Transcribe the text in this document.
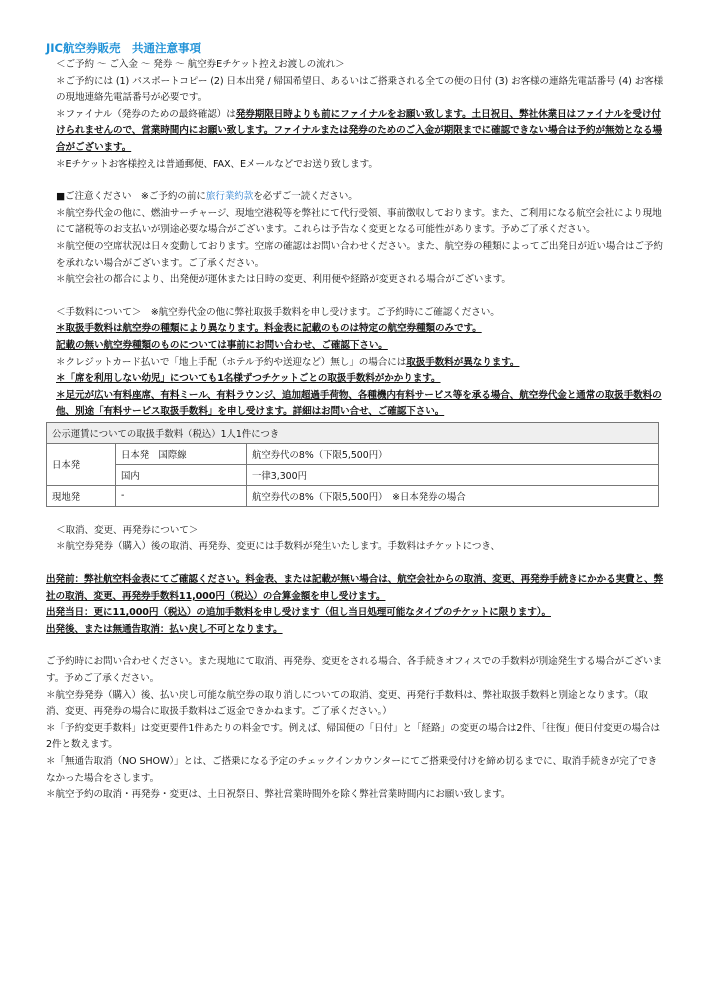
JIC航空券販売　共通注意事項

＜ご予約 ～ ご入金 ～ 発券 ～ 航空券Eチケット控えお渡しの流れ＞

＊ご予約には (1) パスポートコピー (2) 日本出発 / 帰国希望日、あるいはご搭乗される全ての便の日付 (3) お客様の連絡先電話番号 (4) お客様の現地連絡先電話番号が必要です。

＊ファイナル（発券のための最終確認）は発券期限日時よりも前にファイナルをお願い致します。土日祝日、弊社休業日はファイナルを受け付けられませんので、営業時間内にお願い致します。ファイナルまたは発券のためのご入金が期限までに確認できない場合は予約が無効となる場合がございます。

＊Eチケットお客様控えは普通郵便、FAX、Eメールなどでお送り致します。

■ご注意ください　※ご予約の前に旅行業約款を必ずご一読ください。

＊航空券代金の他に、燃油サーチャージ、現地空港税等を弊社にて代行受領、事前徴収しております。また、ご利用になる航空会社により現地にて諸税等のお支払いが別途必要な場合がございます。これらは予告なく変更となる可能性があります。予めご了承ください。

＊航空便の空席状況は日々変動しております。空席の確認はお問い合わせください。また、航空券の種類によってご出発日が近い場合はご予約を承れない場合がございます。ご了承ください。

＊航空会社の都合により、出発便が運休または日時の変更、利用便や経路が変更される場合がございます。

＜手数料について＞　※航空券代金の他に弊社取扱手数料を申し受けます。ご予約時にご確認ください。

＊取扱手数料は航空券の種類により異なります。料金表に記載のものは特定の航空券種類のみです。

記載の無い航空券種類のものについては事前にお問い合わせ、ご確認下さい。

＊クレジットカード払いで「地上手配（ホテル予約や送迎など）無し」の場合には取扱手数料が異なります。

＊「席を利用しない幼児」についても1名様ずつチケットごとの取扱手数料がかかります。

＊足元が広い有料座席、有料ミール、有料ラウンジ、追加超過手荷物、各種機内有料サービス等を承る場合、航空券代金と通常の取扱手数料の他、別途「有料サービス取扱手数料」を申し受けます。詳細はお問い合せ、ご確認下さい。

公示運賃についての取扱手数料（税込）1人1件につき		
日本発	日本発　国際線	航空券代の8%（下限5,500円）
	国内	一律3,300円
現地発	-	航空券代の8%（下限5,500円）　※日本発券の場合

＜取消、変更、再発券について＞

＊航空券発券（購入）後の取消、再発券、変更には手数料が発生いたします。手数料はチケットにつき、

出発前：弊社航空料金表にてご確認ください。料金表、または記載が無い場合は、航空会社からの取消、変更、再発券手続きにかかる実費と、弊社の取消、変更、再発券手数料11,000円（税込）の合算金額を申し受けます。

出発当日：更に11,000円（税込）の追加手数料を申し受けます（但し当日処理可能なタイプのチケットに限ります）。

出発後、または無通告取消：払い戻し不可となります。

ご予約時にお問い合わせください。また現地にて取消、再発券、変更をされる場合、各手続きオフィスでの手数料が別途発生する場合がございます。予めご了承ください。

＊航空券発券（購入）後、払い戻し可能な航空券の取り消しについての取消、変更、再発行手数料は、弊社取扱手数料と別途となります。（取消、変更、再発券の場合に取扱手数料はご返金できかねます。ご了承ください。）

＊「予約変更手数料」は変更要件1件あたりの料金です。例えば、帰国便の「日付」と「経路」の変更の場合は2件、「往復」便日付変更の場合は2件と数えます。

＊「無通告取消（NO SHOW）」とは、ご搭乗になる予定のチェックインカウンターにてご搭乗受付けを締め切るまでに、取消手続きが完了できなかった場合をさします。

＊航空予約の取消・再発券・変更は、土日祝祭日、弊社営業時間外を除く弊社営業時間内にお願い致します。
